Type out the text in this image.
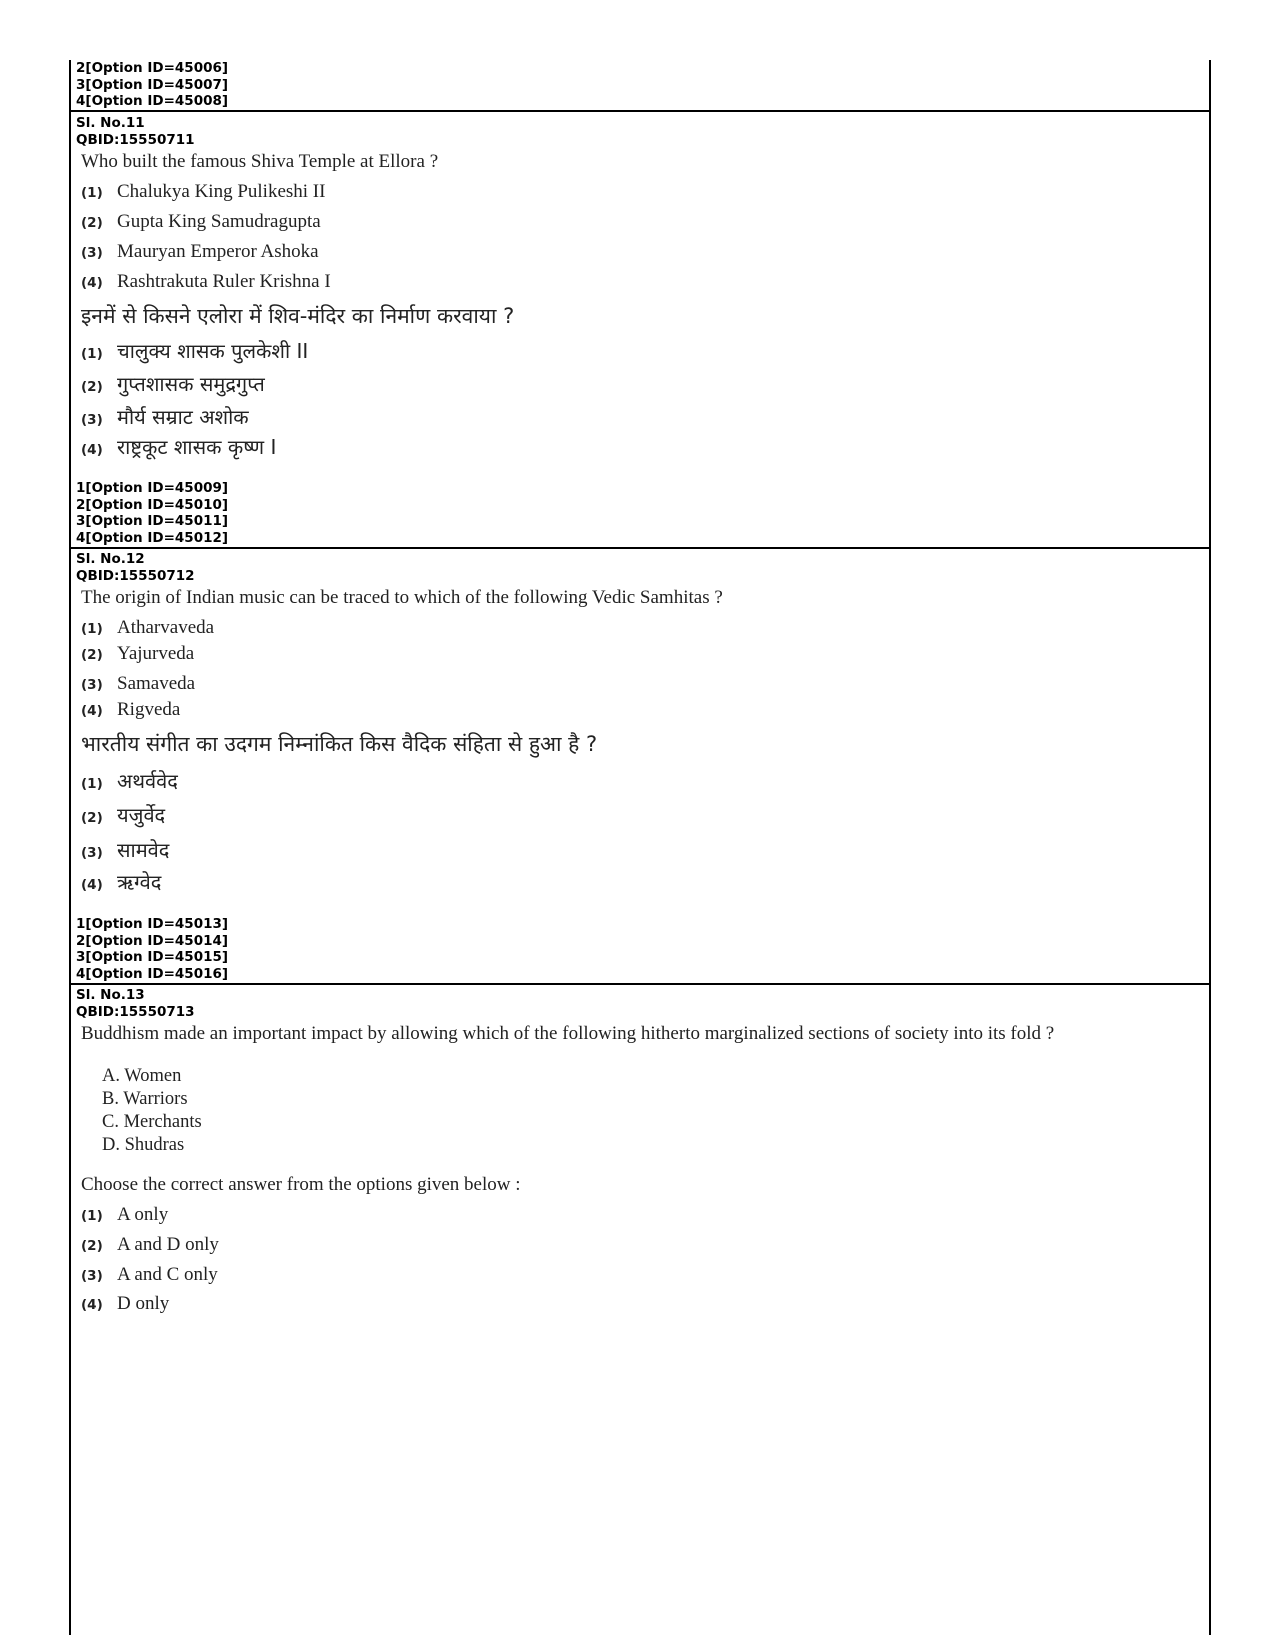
2[Option ID=45006]
3[Option ID=45007]
4[Option ID=45008]
Sl. No.11
QBID:15550711
Who built the famous Shiva Temple at Ellora ?
(1) Chalukya King Pulikeshi II
(2) Gupta King Samudragupta
(3) Mauryan Emperor Ashoka
(4) Rashtrakuta Ruler Krishna I
इनमें से किसने एलोरा में शिव-मंदिर का निर्माण करवाया ?
(1) चालुक्य शासक पुलकेशी II
(2) गुप्तशासक समुद्रगुप्त
(3) मौर्य सम्राट अशोक
(4) राष्ट्रकूट शासक कृष्ण I
1[Option ID=45009]
2[Option ID=45010]
3[Option ID=45011]
4[Option ID=45012]
Sl. No.12
QBID:15550712
The origin of Indian music can be traced to which of the following Vedic Samhitas ?
(1) Atharvaveda
(2) Yajurveda
(3) Samaveda
(4) Rigveda
भारतीय संगीत का उदगम निम्नांकित किस वैदिक संहिता से हुआ है ?
(1) अथर्ववेद
(2) यजुर्वेद
(3) सामवेद
(4) ऋग्वेद
1[Option ID=45013]
2[Option ID=45014]
3[Option ID=45015]
4[Option ID=45016]
Sl. No.13
QBID:15550713
Buddhism made an important impact by allowing which of the following hitherto marginalized sections of society into its fold ?
A. Women
B. Warriors
C. Merchants
D. Shudras
Choose the correct answer from the options given below :
(1) A only
(2) A and D only
(3) A and C only
(4) D only
